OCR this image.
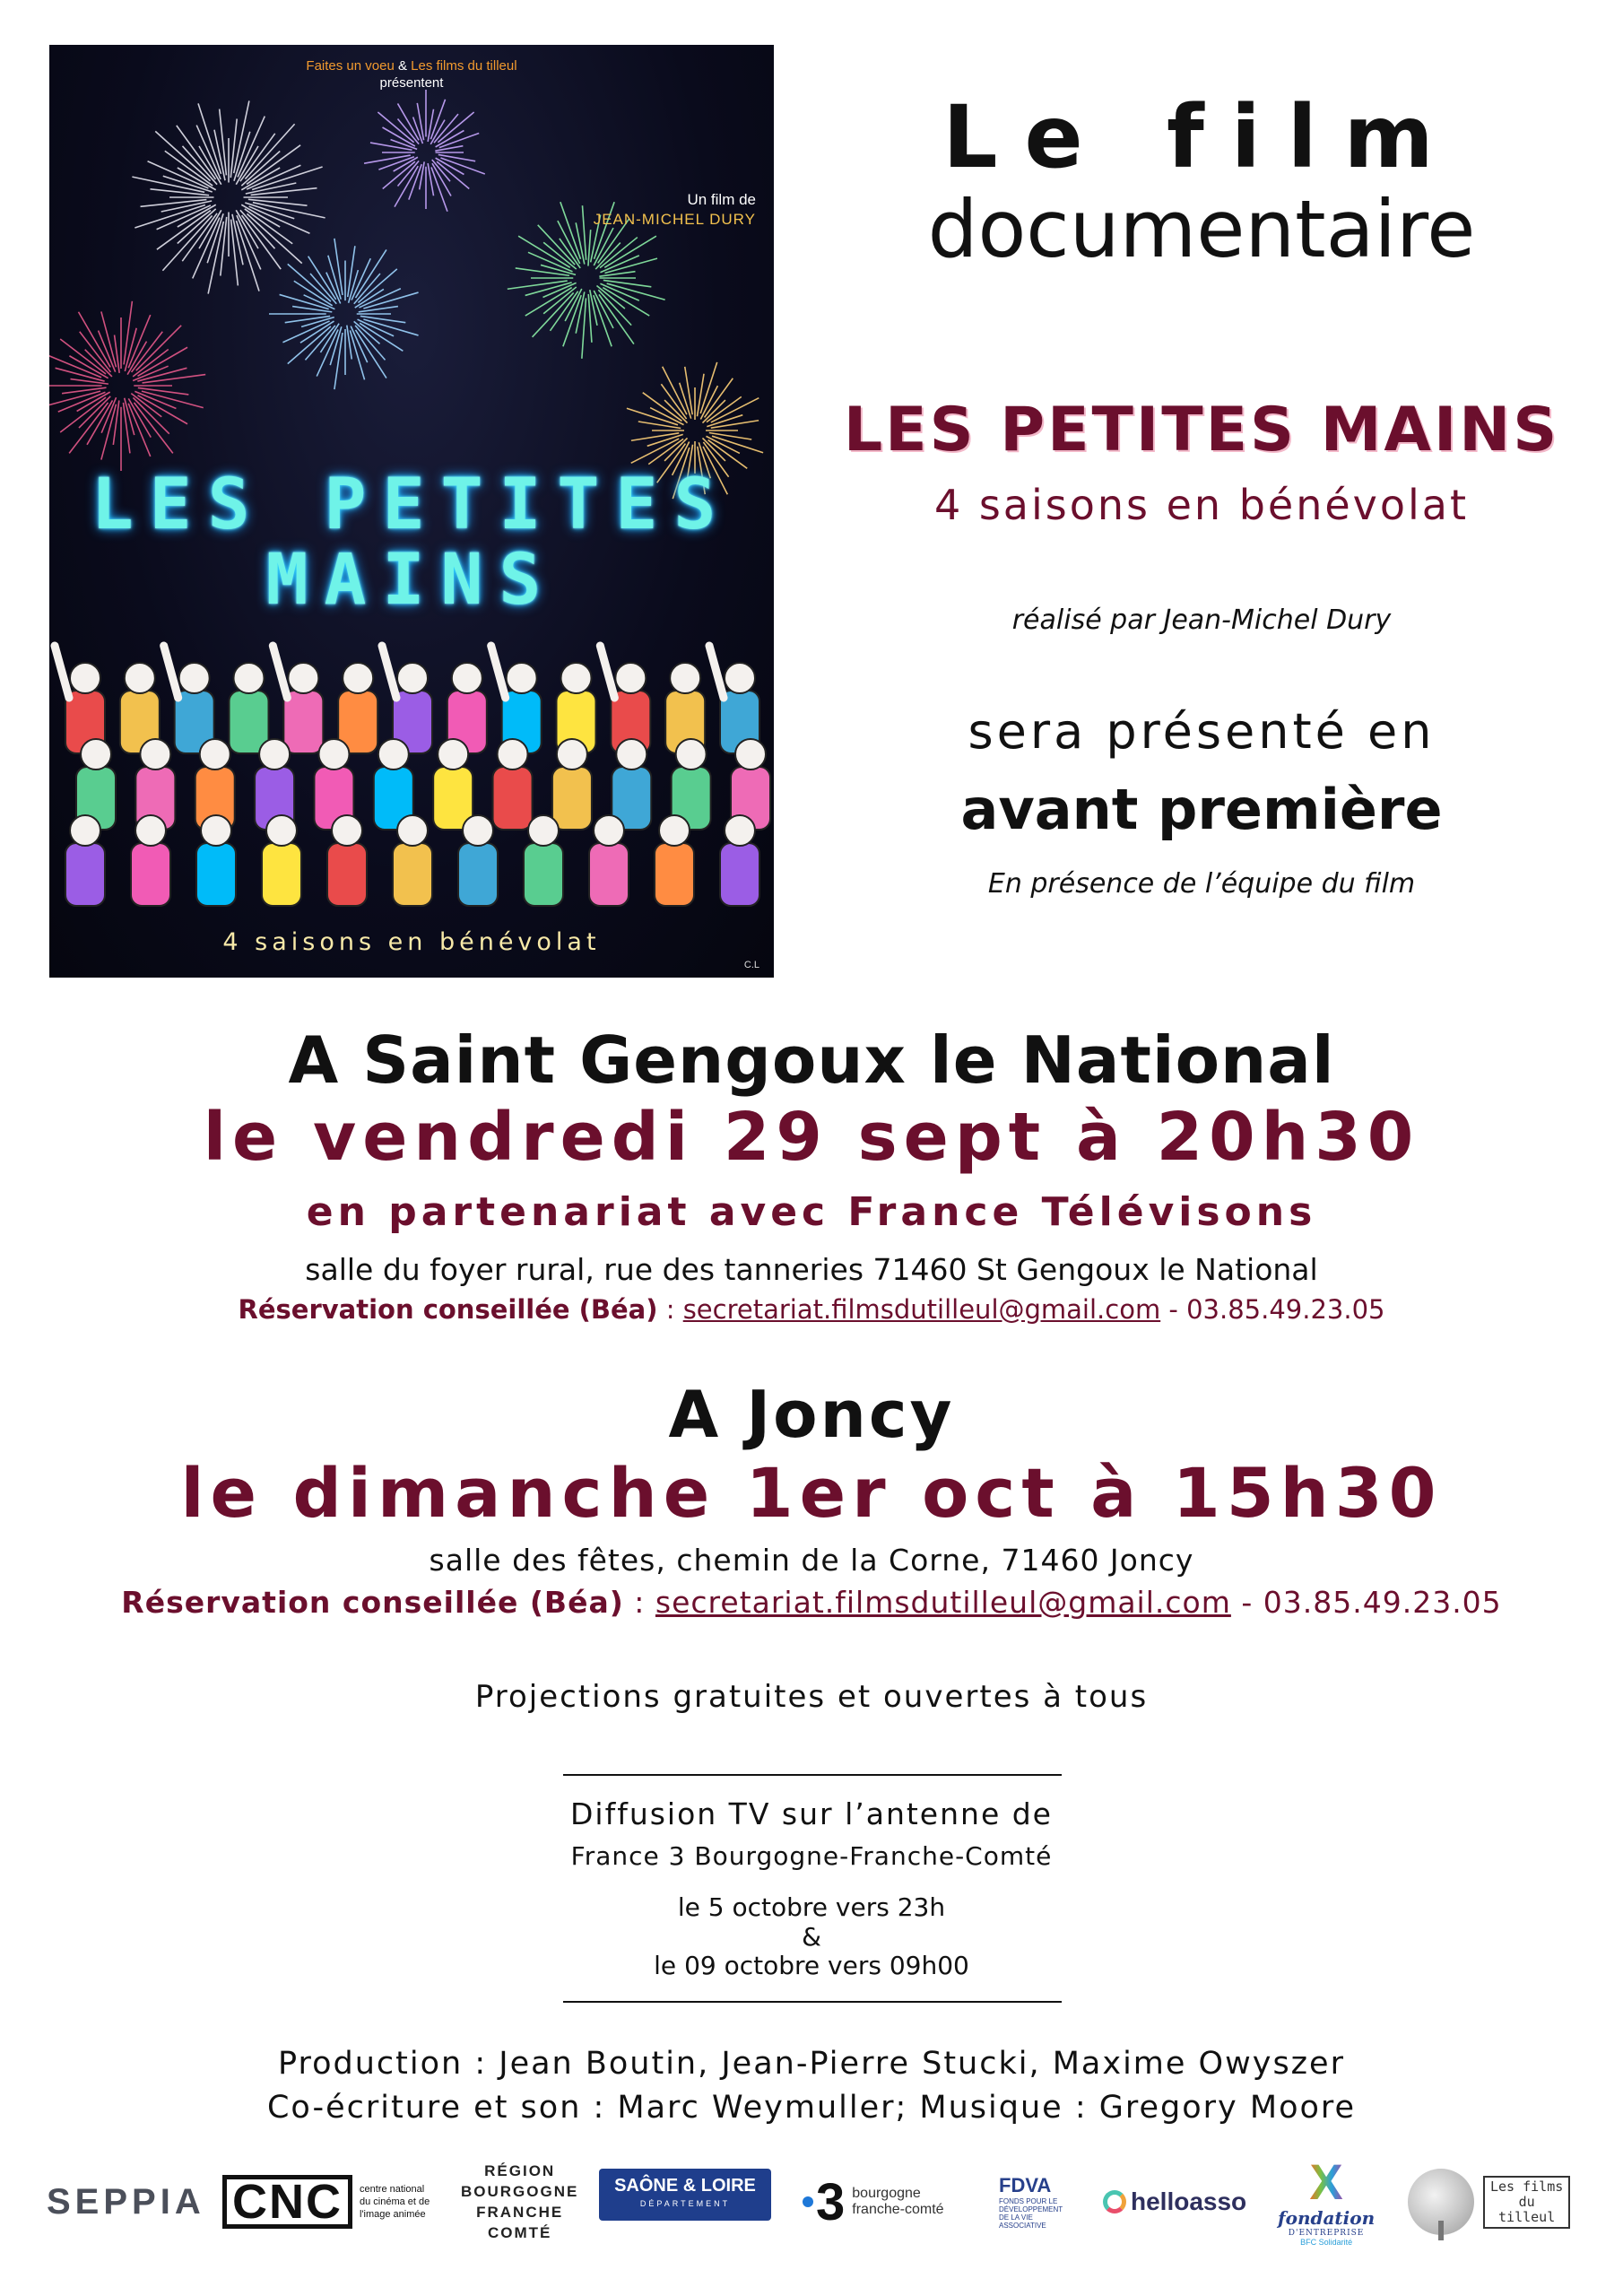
Faites un voeu & Les films du tilleul
présentent
Un film de
JEAN-MICHEL DURY
LES PETITES
MAINS
4 saisons en bénévolat
C.L
Le film
documentaire
LES PETITES MAINS
4 saisons en bénévolat
réalisé par Jean-Michel Dury
sera présenté en
avant première
En présence de l’équipe du film
A Saint Gengoux le National
le vendredi 29 sept à 20h30
en partenariat avec France Télévisons
salle du foyer rural, rue des tanneries 71460 St Gengoux le National
Réservation conseillée (Béa) : secretariat.filmsdutilleul@gmail.com - 03.85.49.23.05
A Joncy
le dimanche 1er oct à 15h30
salle des fêtes, chemin de la Corne, 71460 Joncy
Réservation conseillée (Béa) : secretariat.filmsdutilleul@gmail.com - 03.85.49.23.05
Projections gratuites et ouvertes à tous
Diffusion TV sur l’antenne de
France 3 Bourgogne-Franche-Comté
le 5 octobre vers 23h
&
le 09 octobre vers 09h00
Production : Jean Boutin, Jean-Pierre Stucki, Maxime Owyszer
Co-écriture et son : Marc Weymuller; Musique : Gregory Moore
SEPPIA CNC	centre national
du cinéma et de
l'image animée
RÉGION
BOURGOGNE
FRANCHE
COMTÉ
SAÔNE & LOIRE
DÉPARTEMENT 3 bourgogne
franche-comté
FDVA
FONDS POUR LE
DÉVELOPPEMENT
DE LA VIE
ASSOCIATIVE
helloasso X
fondation
D'ENTREPRISE
BFC Solidarité
Les films
du
tilleul
